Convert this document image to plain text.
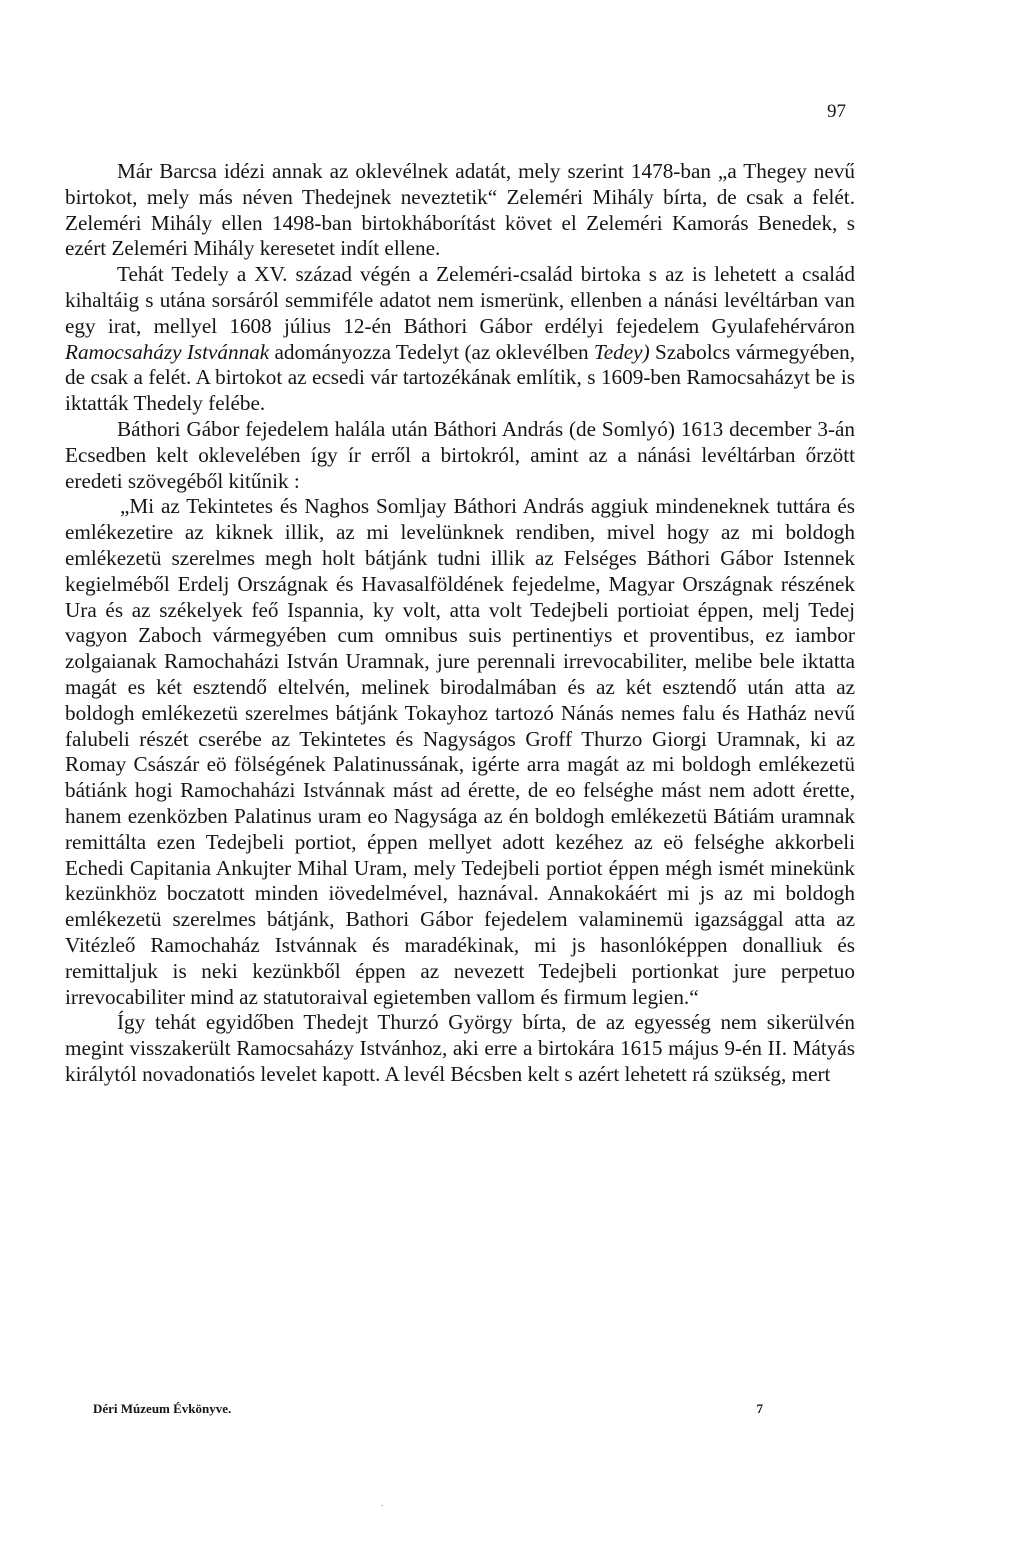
97

Már Barcsa idézi annak az oklevélnek adatát, mely szerint 1478-ban „a Thegey nevű birtokot, mely más néven Thedejnek neveztetik“ Zeleméri Mihály bírta, de csak a felét. Zeleméri Mihály ellen 1498-ban birtokháborítást követ el Zeleméri Kamorás Benedek, s ezért Zeleméri Mihály keresetet indít ellene.

Tehát Tedely a XV. század végén a Zeleméri-család birtoka s az is lehetett a család kihaltáig s utána sorsáról semmiféle adatot nem ismerünk, ellenben a nánási levéltárban van egy irat, mellyel 1608 július 12-én Báthori Gábor erdélyi fejedelem Gyulafehérváron Ramocsaházy Istvánnak adományozza Tedelyt (az oklevélben Tedey) Szabolcs vármegyében, de csak a felét. A birtokot az ecsedi vár tartozékának említik, s 1609-ben Ramocsaházyt be is iktatták Thedely felébe.

Báthori Gábor fejedelem halála után Báthori András (de Somlyó) 1613 december 3-án Ecsedben kelt oklevelében így ír erről a birtokról, amint az a nánási levéltárban őrzött eredeti szövegéből kitűnik :

„Mi az Tekintetes és Naghos Somljay Báthori András aggiuk mindeneknek tuttára és emlékezetire az kiknek illik, az mi levelünknek rendiben, mivel hogy az mi boldogh emlékezetü szerelmes megh holt bátjánk tudni illik az Felséges Báthori Gábor Istennek kegielméből Erdelj Országnak és Havasalföldének fejedelme, Magyar Országnak részének Ura és az székelyek feő Ispannia, ky volt, atta volt Tedejbeli portioiat éppen, melj Tedej vagyon Zaboch vármegyében cum omnibus suis pertinentiys et proventibus, ez iambor zolgaianak Ramochaházi István Uramnak, jure perennali irrevocabiliter, melibe bele iktatta magát es két esztendő eltelvén, melinek birodalmában és az két esztendő után atta az boldogh emlékezetü szerelmes bátjánk Tokayhoz tartozó Nánás nemes falu és Hatház nevű falubeli részét cserébe az Tekintetes és Nagyságos Groff Thurzo Giorgi Uramnak, ki az Romay Császár eö fölségének Palatinussának, igérte arra magát az mi boldogh emlékezetü bátiánk hogi Ramochaházi Istvánnak mást ad érette, de eo felséghe mást nem adott érette, hanem ezenközben Palatinus uram eo Nagysága az én boldogh emlékezetü Bátiám uramnak remittálta ezen Tedejbeli portiot, éppen mellyet adott kezéhez az eö felséghe akkorbeli Echedi Capitania Ankujter Mihal Uram, mely Tedejbeli portiot éppen mégh ismét minekünk kezünkhöz boczatott minden iövedelmével, haznával. Annakokáért mi js az mi boldogh emlékezetü szerelmes bátjánk, Bathori Gábor fejedelem valaminemü igazsággal atta az Vitézleő Ramochaház Istvánnak és maradékinak, mi js hasonlóképpen donalliuk és remittaljuk is neki kezünkből éppen az nevezett Tedejbeli portionkat jure perpetuo irrevocabiliter mind az statutoraival egietemben vallom és firmum legien.“

Így tehát egyidőben Thedejt Thurzó György bírta, de az egyesség nem sikerülvén megint visszakerült Ramocsaházy Istvánhoz, aki erre a birtokára 1615 május 9-én II. Mátyás királytól novadonatiós levelet kapott. A levél Bécsben kelt s azért lehetett rá szükség, mert

Déri Múzeum Évkönyve.	7
.
